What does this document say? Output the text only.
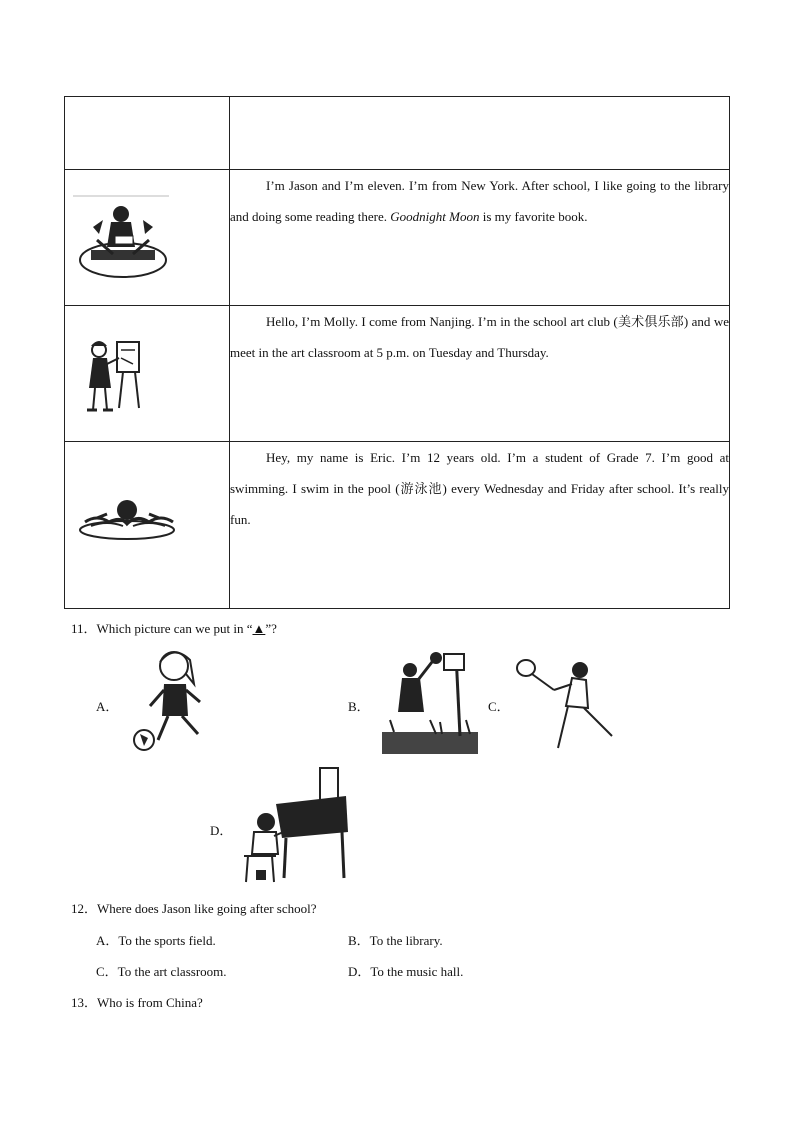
I’m Jason and I’m eleven. I’m from New York. After school, I like going to the library and doing some reading there. Goodnight Moon is my favorite book.

Hello, I’m Molly. I come from Nanjing. I’m in the school art club (美术俱乐部) and we meet in the art classroom at 5 p.m. on Tuesday and Thursday.

Hey, my name is Eric. I’m 12 years old. I’m a student of Grade 7. I’m good at swimming. I swim in the pool (游泳池) every Wednesday and Friday after school. It’s really fun.

11．Which picture can we put in “▲”?
A．	B．	C．
D．
12．Where does Jason like going after school?
A．To the sports field.	B．To the library.
C．To the art classroom.	D．To the music hall.
13．Who is from China?
